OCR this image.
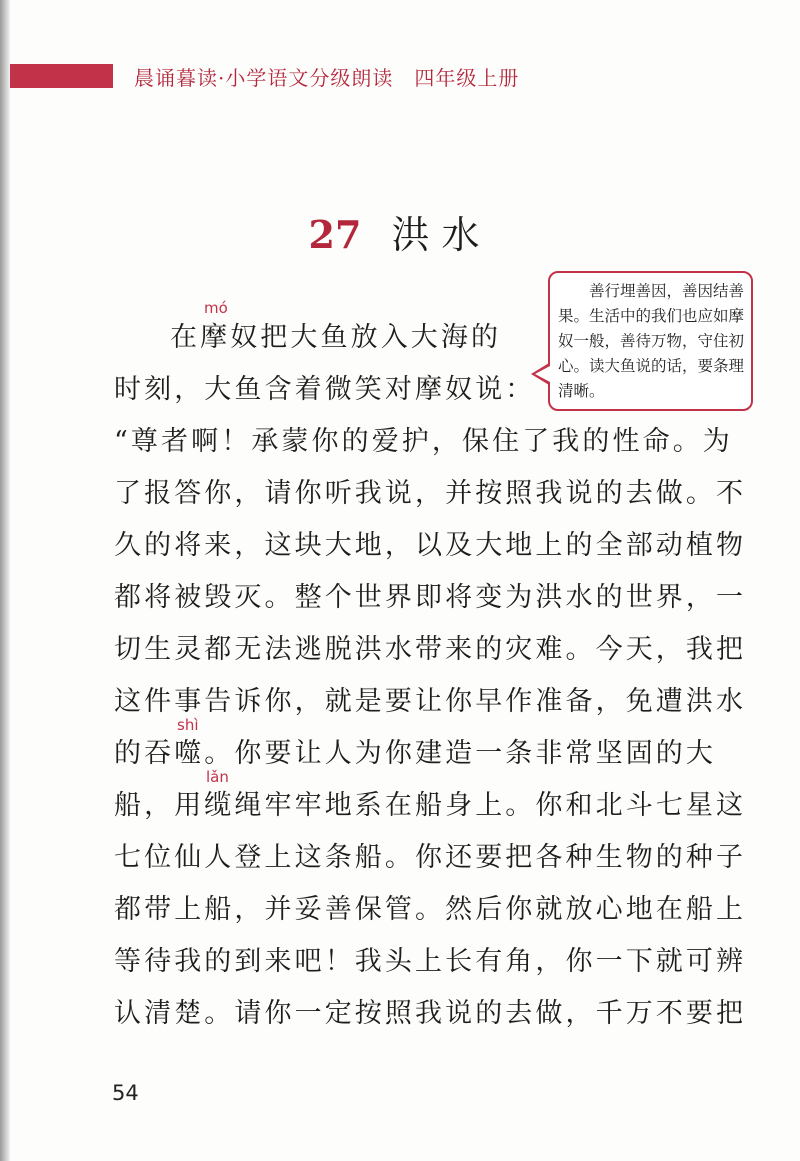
晨诵暮读·小学语文分级朗读　四年级上册
27 洪水
善行埋善因，善因结善果。生活中的我们也应如摩奴一般，善待万物，守住初心。读大鱼说的话，要条理清晰。
mó
shì
lǎn
在摩奴把大鱼放入大海的
时刻，大鱼含着微笑对摩奴说：
“尊者啊！承蒙你的爱护，保住了我的性命。为
了报答你，请你听我说，并按照我说的去做。不
久的将来，这块大地，以及大地上的全部动植物
都将被毁灭。整个世界即将变为洪水的世界，一
切生灵都无法逃脱洪水带来的灾难。今天，我把
这件事告诉你，就是要让你早作准备，免遭洪水
的吞噬。你要让人为你建造一条非常坚固的大
船，用缆绳牢牢地系在船身上。你和北斗七星这
七位仙人登上这条船。你还要把各种生物的种子
都带上船，并妥善保管。然后你就放心地在船上
等待我的到来吧！我头上长有角，你一下就可辨
认清楚。请你一定按照我说的去做，千万不要把
54
